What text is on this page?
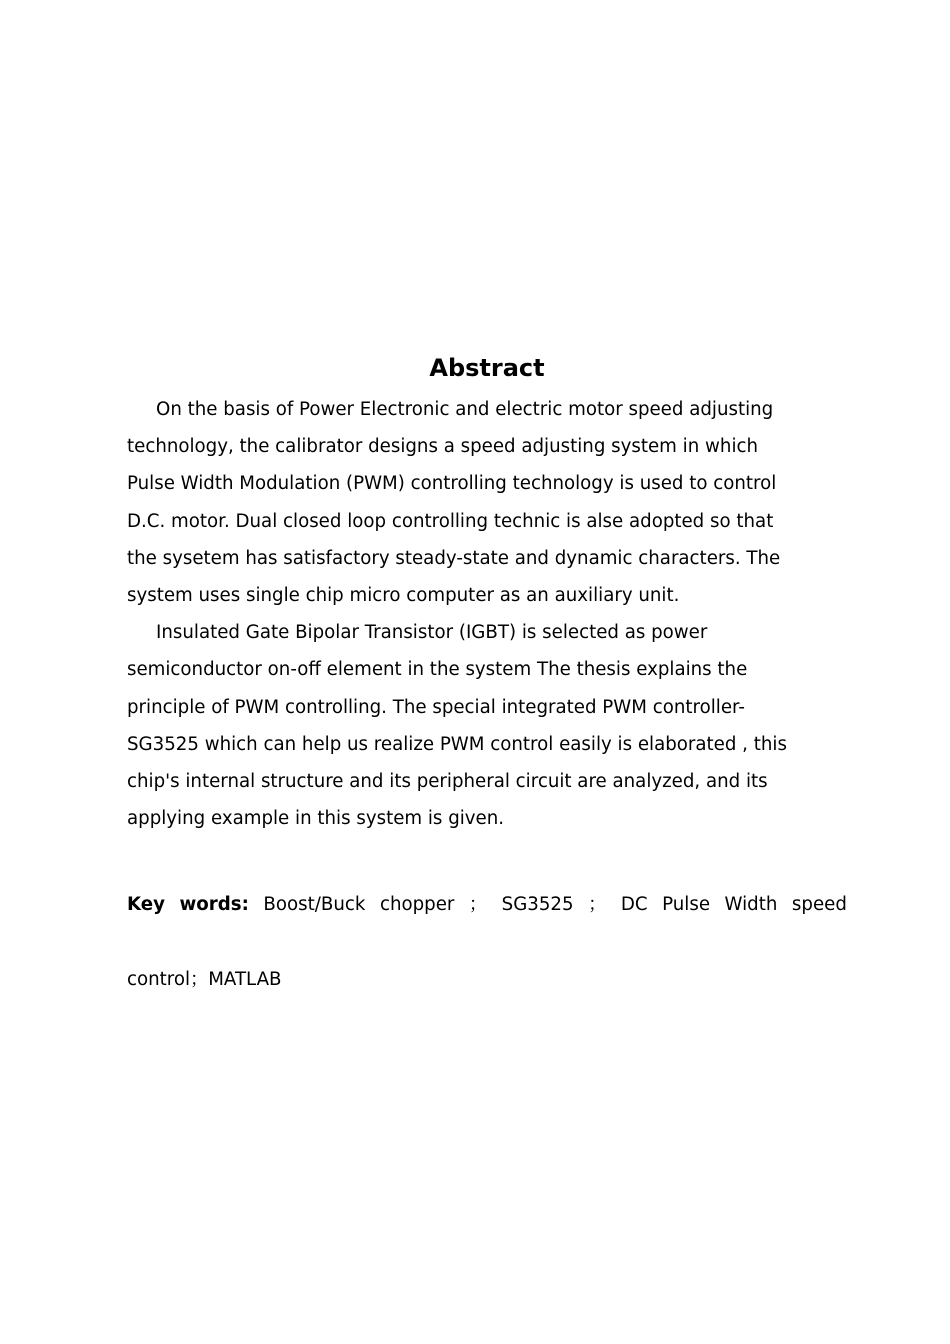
Abstract
On the basis of Power Electronic and electric motor speed adjusting
technology, the calibrator designs a speed adjusting system in which
Pulse Width Modulation (PWM) controlling technology is used to control
D.C. motor. Dual closed loop controlling technic is alse adopted so that
the sysetem has satisfactory steady-state and dynamic characters. The
system uses single chip micro computer as an auxiliary unit.
Insulated Gate Bipolar Transistor (IGBT) is selected as power
semiconductor on-off element in the system The thesis explains the
principle of PWM controlling. The special integrated PWM controller-
SG3525 which can help us realize PWM control easily is elaborated , this
chip's internal structure and its peripheral circuit are analyzed, and its
applying example in this system is given.
Key words: Boost/Buck chopper ； SG3525 ； DC Pulse Width speed
control；MATLAB
